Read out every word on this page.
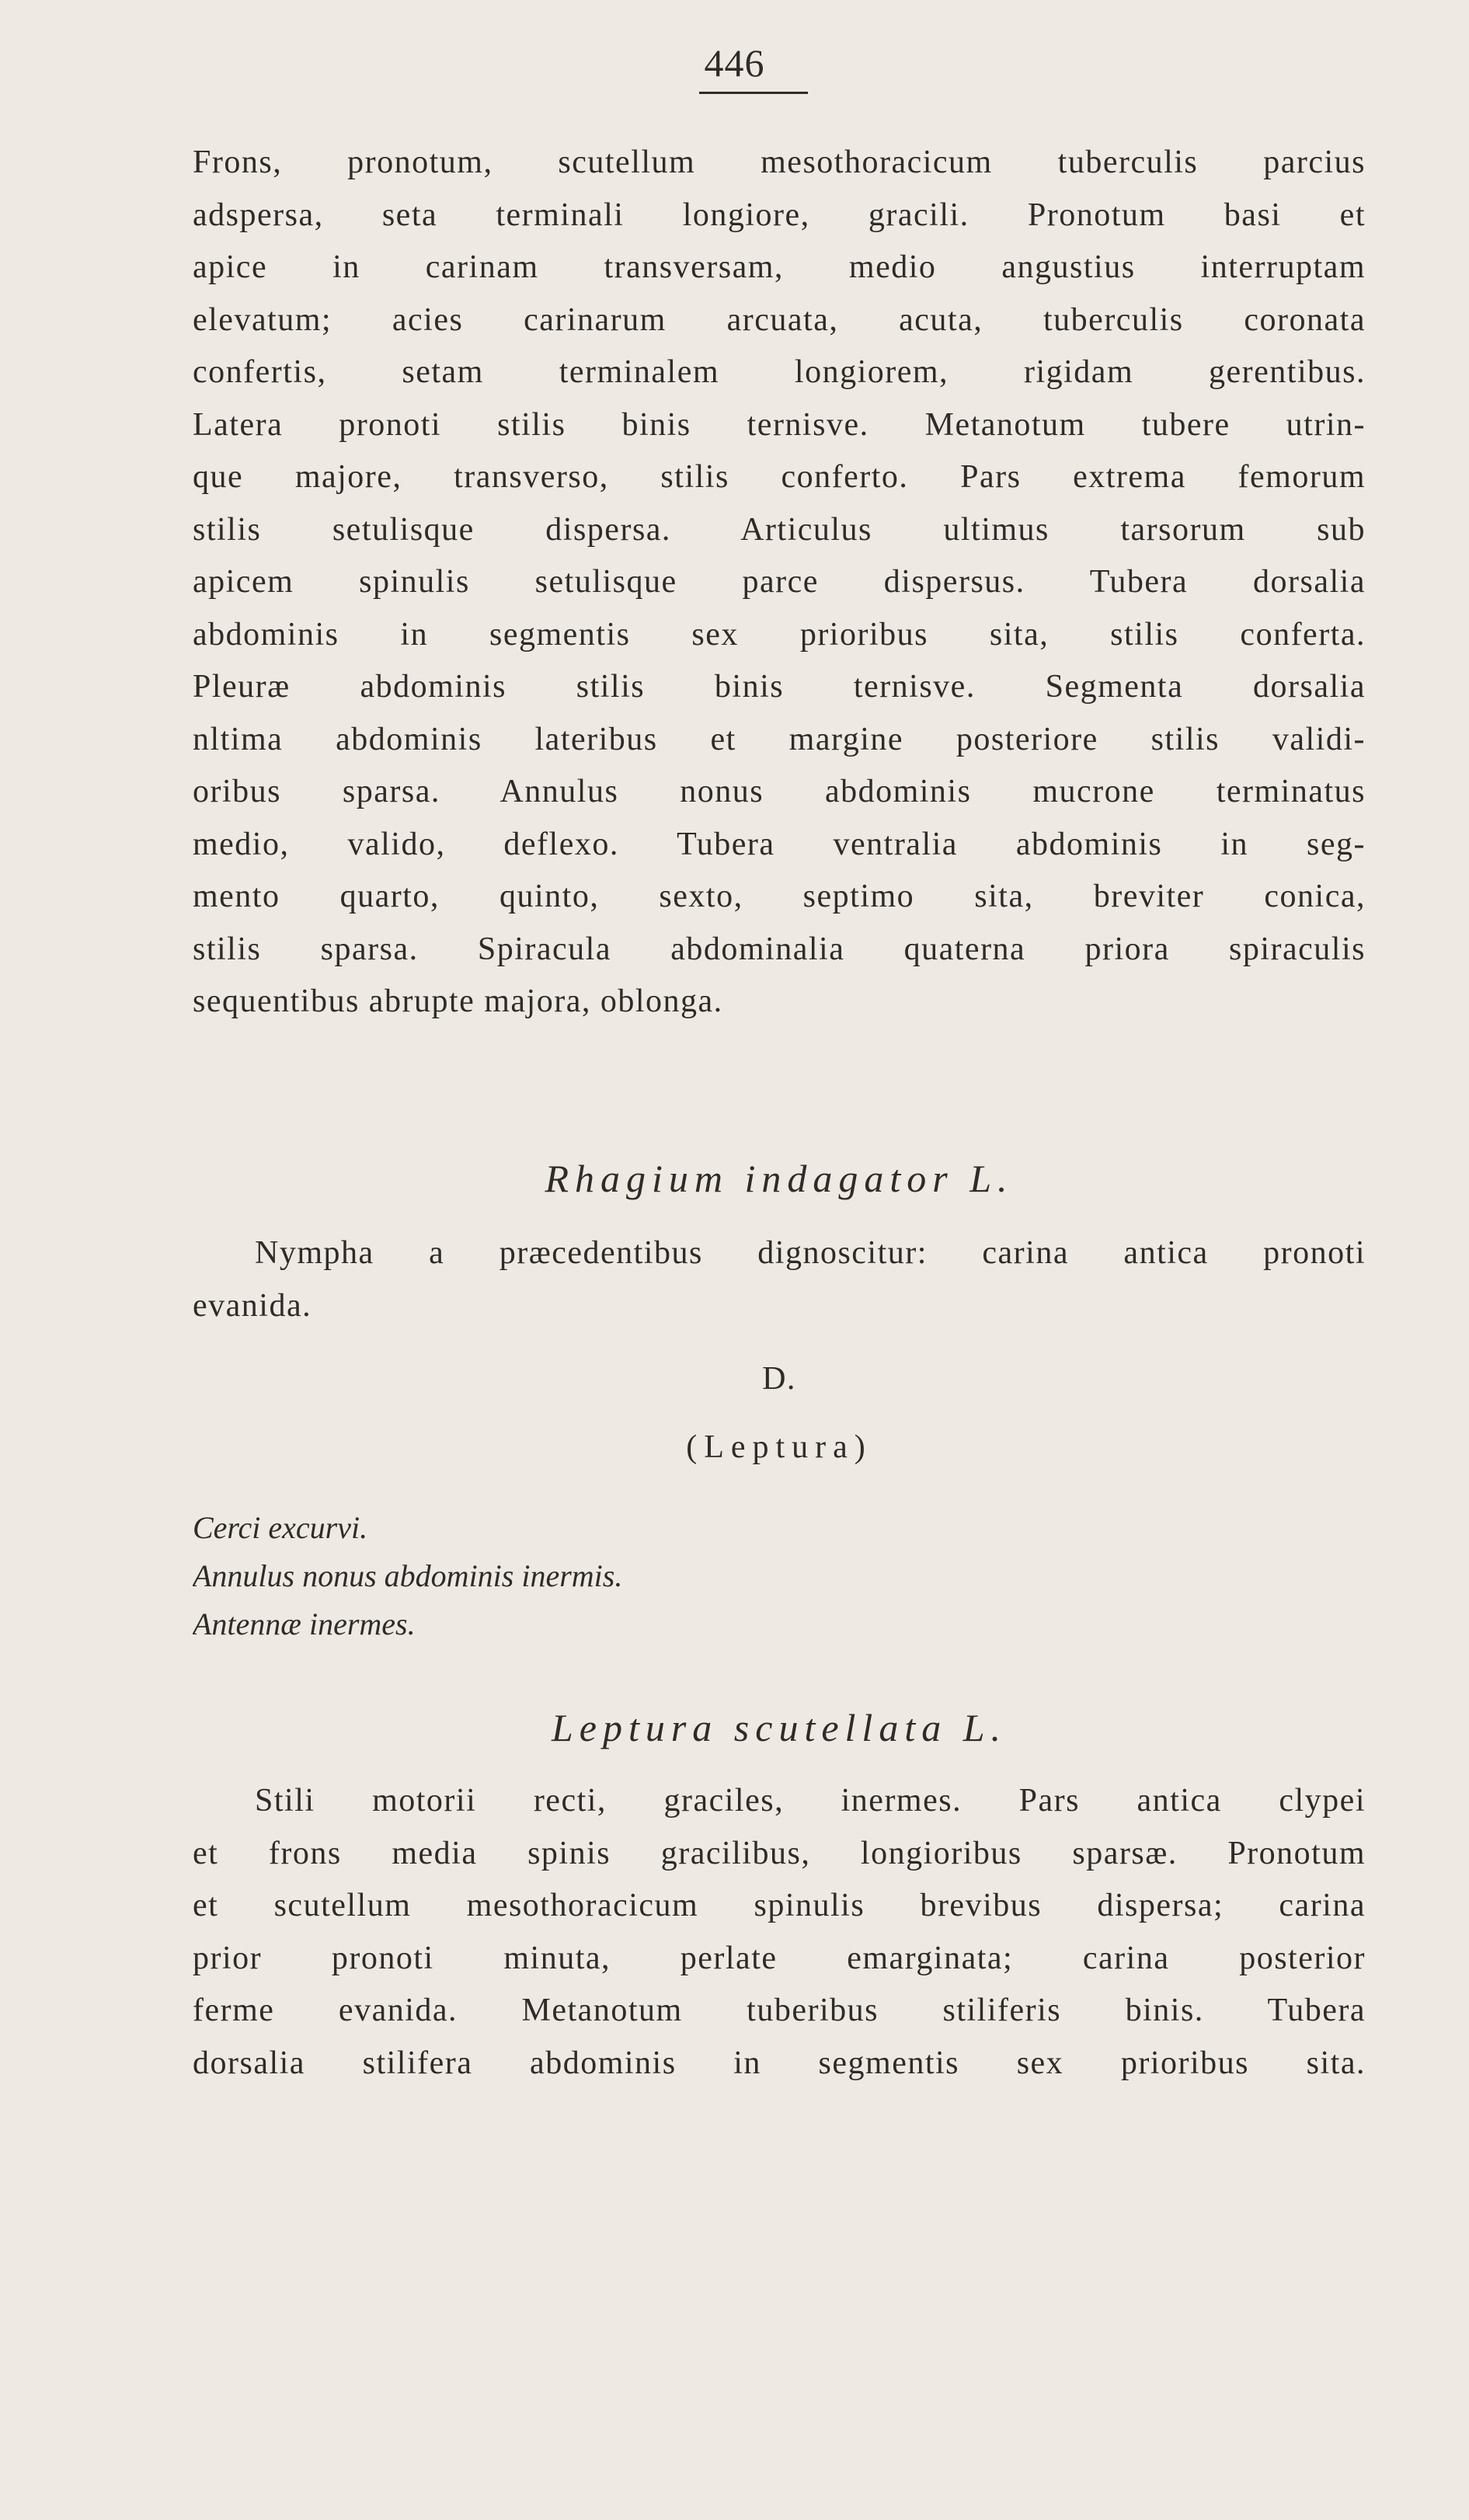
446
Frons, pronotum, scutellum mesothoracicum tuberculis parcius
adspersa, seta terminali longiore, gracili. Pronotum basi et
apice in carinam transversam, medio angustius interruptam
elevatum; acies carinarum arcuata, acuta, tuberculis coronata
confertis, setam terminalem longiorem, rigidam gerentibus.
Latera pronoti stilis binis ternisve. Metanotum tubere utrin-
que majore, transverso, stilis conferto. Pars extrema femorum
stilis setulisque dispersa. Articulus ultimus tarsorum sub
apicem spinulis setulisque parce dispersus. Tubera dorsalia
abdominis in segmentis sex prioribus sita, stilis conferta.
Pleuræ abdominis stilis binis ternisve. Segmenta dorsalia
nltima abdominis lateribus et margine posteriore stilis validi-
oribus sparsa. Annulus nonus abdominis mucrone terminatus
medio, valido, deflexo. Tubera ventralia abdominis in seg-
mento quarto, quinto, sexto, septimo sita, breviter conica,
stilis sparsa. Spiracula abdominalia quaterna priora spiraculis
sequentibus abrupte majora, oblonga.
Rhagium indagator L.
Nympha a præcedentibus dignoscitur: carina antica pronoti
evanida.
D.
(Leptura)
Cerci excurvi.
Annulus nonus abdominis inermis.
Antennæ inermes.
Leptura scutellata L.
Stili motorii recti, graciles, inermes. Pars antica clypei
et frons media spinis gracilibus, longioribus sparsæ. Pronotum
et scutellum mesothoracicum spinulis brevibus dispersa; carina
prior pronoti minuta, perlate emarginata; carina posterior
ferme evanida. Metanotum tuberibus stiliferis binis. Tubera
dorsalia stilifera abdominis in segmentis sex prioribus sita.
